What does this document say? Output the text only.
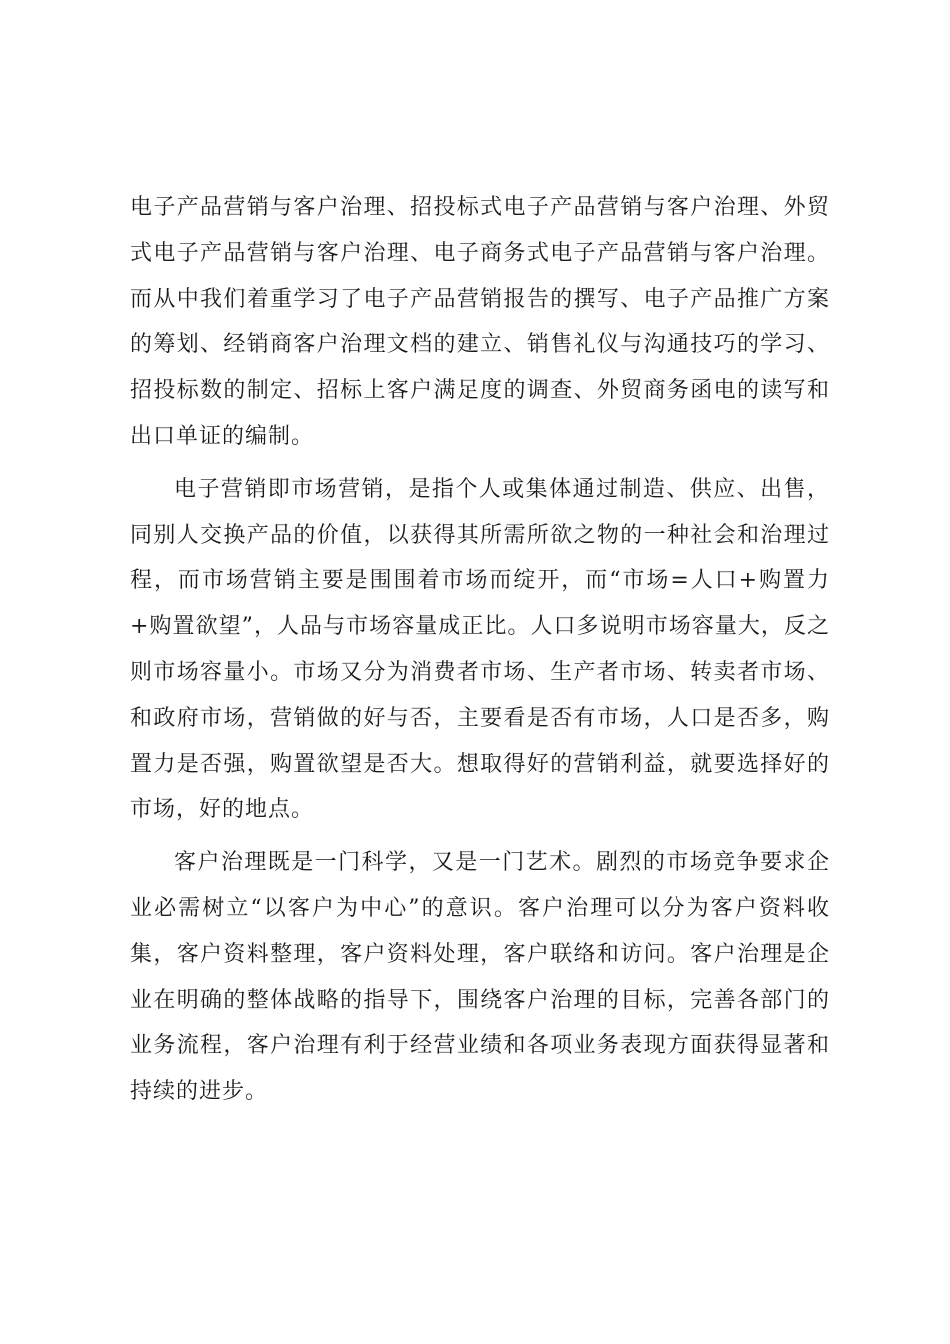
电子产品营销与客户治理、招投标式电子产品营销与客户治理、外贸式电子产品营销与客户治理、电子商务式电子产品营销与客户治理。而从中我们着重学习了电子产品营销报告的撰写、电子产品推广方案的筹划、经销商客户治理文档的建立、销售礼仪与沟通技巧的学习、招投标数的制定、招标上客户满足度的调查、外贸商务函电的读写和出口单证的编制。

电子营销即市场营销，是指个人或集体通过制造、供应、出售，同别人交换产品的价值，以获得其所需所欲之物的一种社会和治理过程，而市场营销主要是围围着市场而绽开，而“市场=人口+购置力+购置欲望”，人品与市场容量成正比。人口多说明市场容量大，反之则市场容量小。市场又分为消费者市场、生产者市场、转卖者市场、和政府市场，营销做的好与否，主要看是否有市场，人口是否多，购置力是否强，购置欲望是否大。想取得好的营销利益，就要选择好的市场，好的地点。

客户治理既是一门科学，又是一门艺术。剧烈的市场竞争要求企业必需树立“以客户为中心”的意识。客户治理可以分为客户资料收集，客户资料整理，客户资料处理，客户联络和访问。客户治理是企业在明确的整体战略的指导下，围绕客户治理的目标，完善各部门的业务流程，客户治理有利于经营业绩和各项业务表现方面获得显著和持续的进步。
